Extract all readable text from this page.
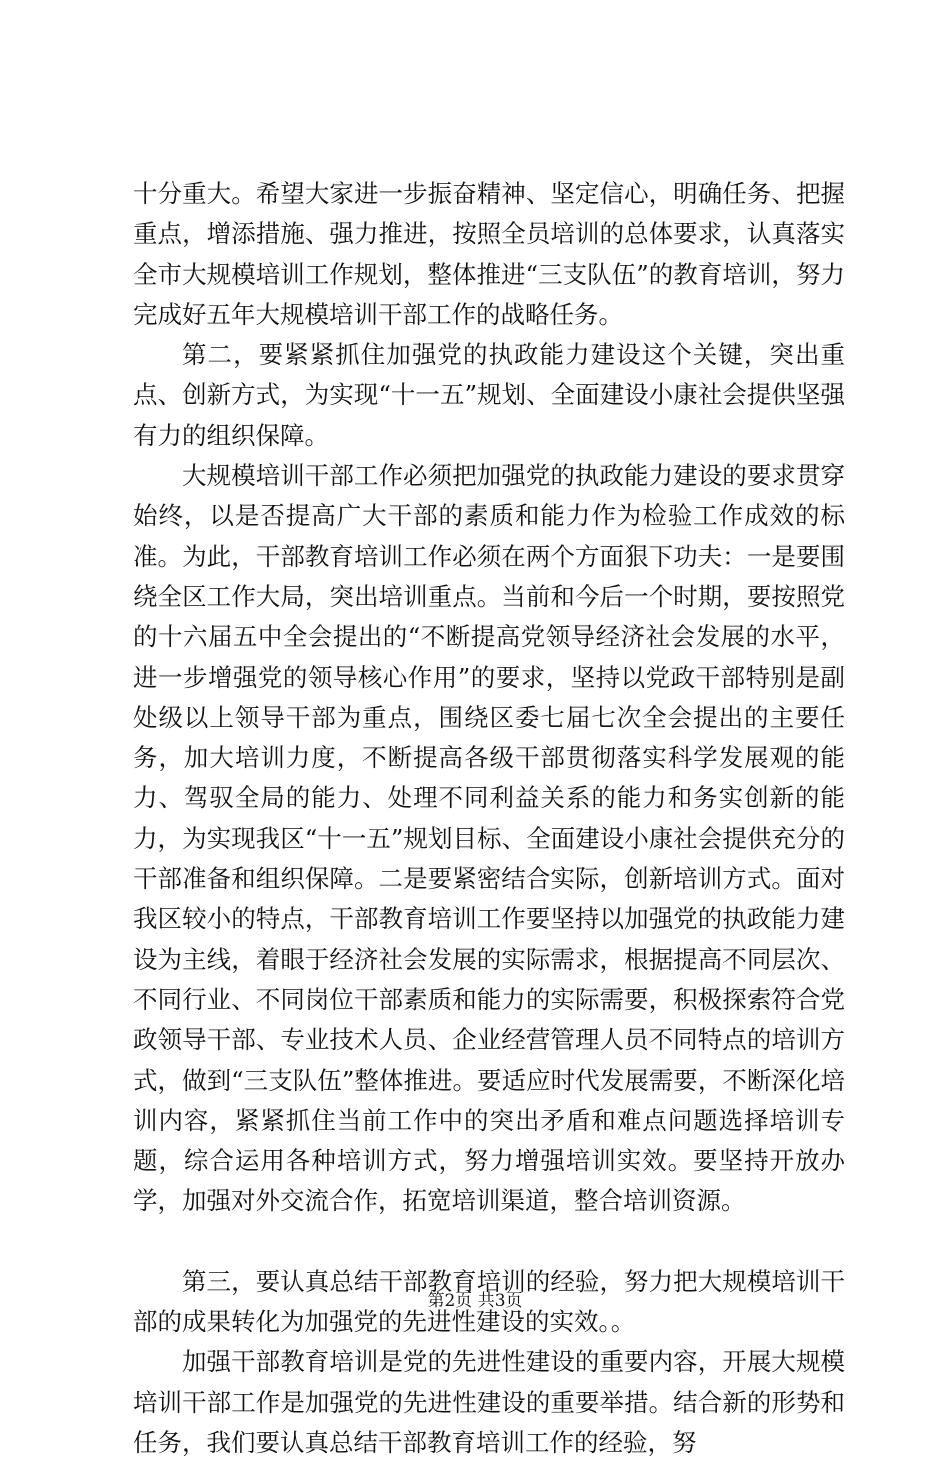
十分重大。希望大家进一步振奋精神、坚定信心，明确任务、把握重点，增添措施、强力推进，按照全员培训的总体要求，认真落实全市大规模培训工作规划，整体推进“三支队伍”的教育培训，努力完成好五年大规模培训干部工作的战略任务。

第二，要紧紧抓住加强党的执政能力建设这个关键，突出重点、创新方式，为实现“十一五”规划、全面建设小康社会提供坚强有力的组织保障。

大规模培训干部工作必须把加强党的执政能力建设的要求贯穿始终，以是否提高广大干部的素质和能力作为检验工作成效的标准。为此，干部教育培训工作必须在两个方面狠下功夫：一是要围绕全区工作大局，突出培训重点。当前和今后一个时期，要按照党的十六届五中全会提出的“不断提高党领导经济社会发展的水平，进一步增强党的领导核心作用”的要求，坚持以党政干部特别是副处级以上领导干部为重点，围绕区委七届七次全会提出的主要任务，加大培训力度，不断提高各级干部贯彻落实科学发展观的能力、驾驭全局的能力、处理不同利益关系的能力和务实创新的能力，为实现我区“十一五”规划目标、全面建设小康社会提供充分的干部准备和组织保障。二是要紧密结合实际，创新培训方式。面对我区较小的特点，干部教育培训工作要坚持以加强党的执政能力建设为主线，着眼于经济社会发展的实际需求，根据提高不同层次、不同行业、不同岗位干部素质和能力的实际需要，积极探索符合党政领导干部、专业技术人员、企业经营管理人员不同特点的培训方式，做到“三支队伍”整体推进。要适应时代发展需要，不断深化培训内容，紧紧抓住当前工作中的突出矛盾和难点问题选择培训专题，综合运用各种培训方式，努力增强培训实效。要坚持开放办学，加强对外交流合作，拓宽培训渠道，整合培训资源。

第三，要认真总结干部教育培训的经验，努力把大规模培训干部的成果转化为加强党的先进性建设的实效。。

加强干部教育培训是党的先进性建设的重要内容，开展大规模培训干部工作是加强党的先进性建设的重要举措。结合新的形势和任务，我们要认真总结干部教育培训工作的经验，努

第2页 共3页
